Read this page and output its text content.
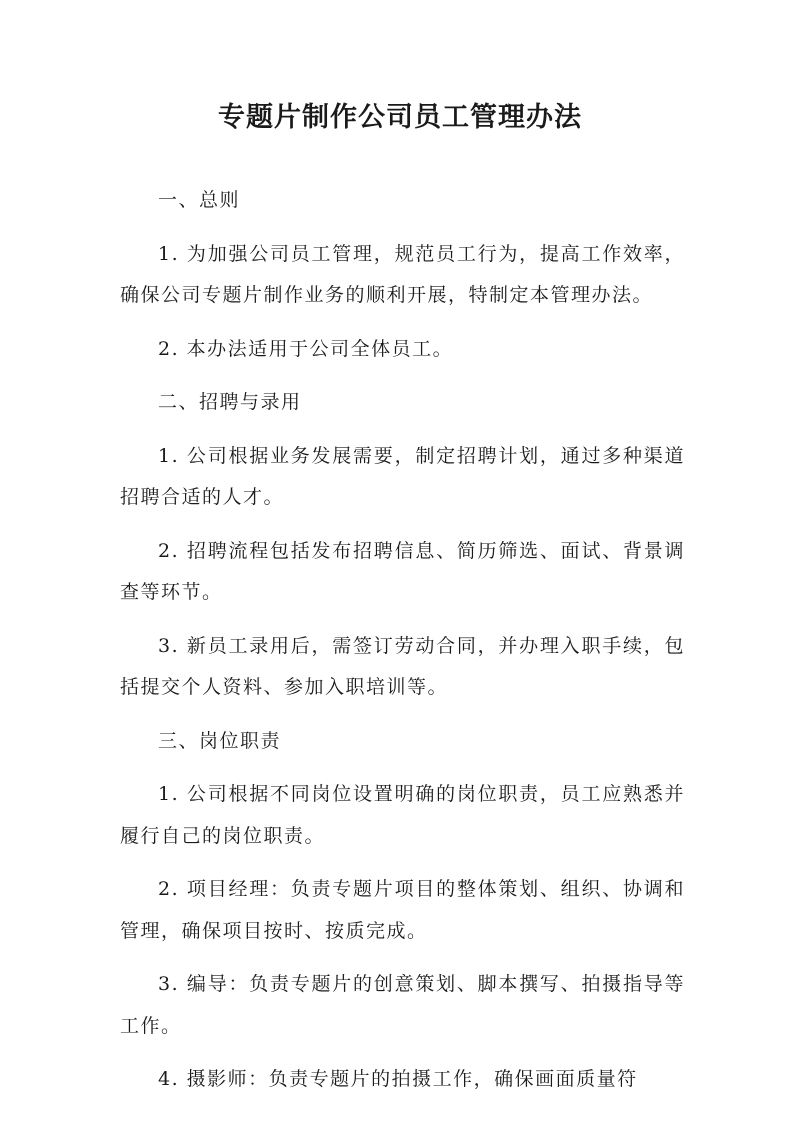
专题片制作公司员工管理办法

一、总则

1. 为加强公司员工管理，规范员工行为，提高工作效率，确保公司专题片制作业务的顺利开展，特制定本管理办法。

2. 本办法适用于公司全体员工。

二、招聘与录用

1. 公司根据业务发展需要，制定招聘计划，通过多种渠道招聘合适的人才。

2. 招聘流程包括发布招聘信息、简历筛选、面试、背景调查等环节。

3. 新员工录用后，需签订劳动合同，并办理入职手续，包括提交个人资料、参加入职培训等。

三、岗位职责

1. 公司根据不同岗位设置明确的岗位职责，员工应熟悉并履行自己的岗位职责。

2. 项目经理：负责专题片项目的整体策划、组织、协调和管理，确保项目按时、按质完成。

3. 编导：负责专题片的创意策划、脚本撰写、拍摄指导等工作。

4. 摄影师：负责专题片的拍摄工作，确保画面质量符
